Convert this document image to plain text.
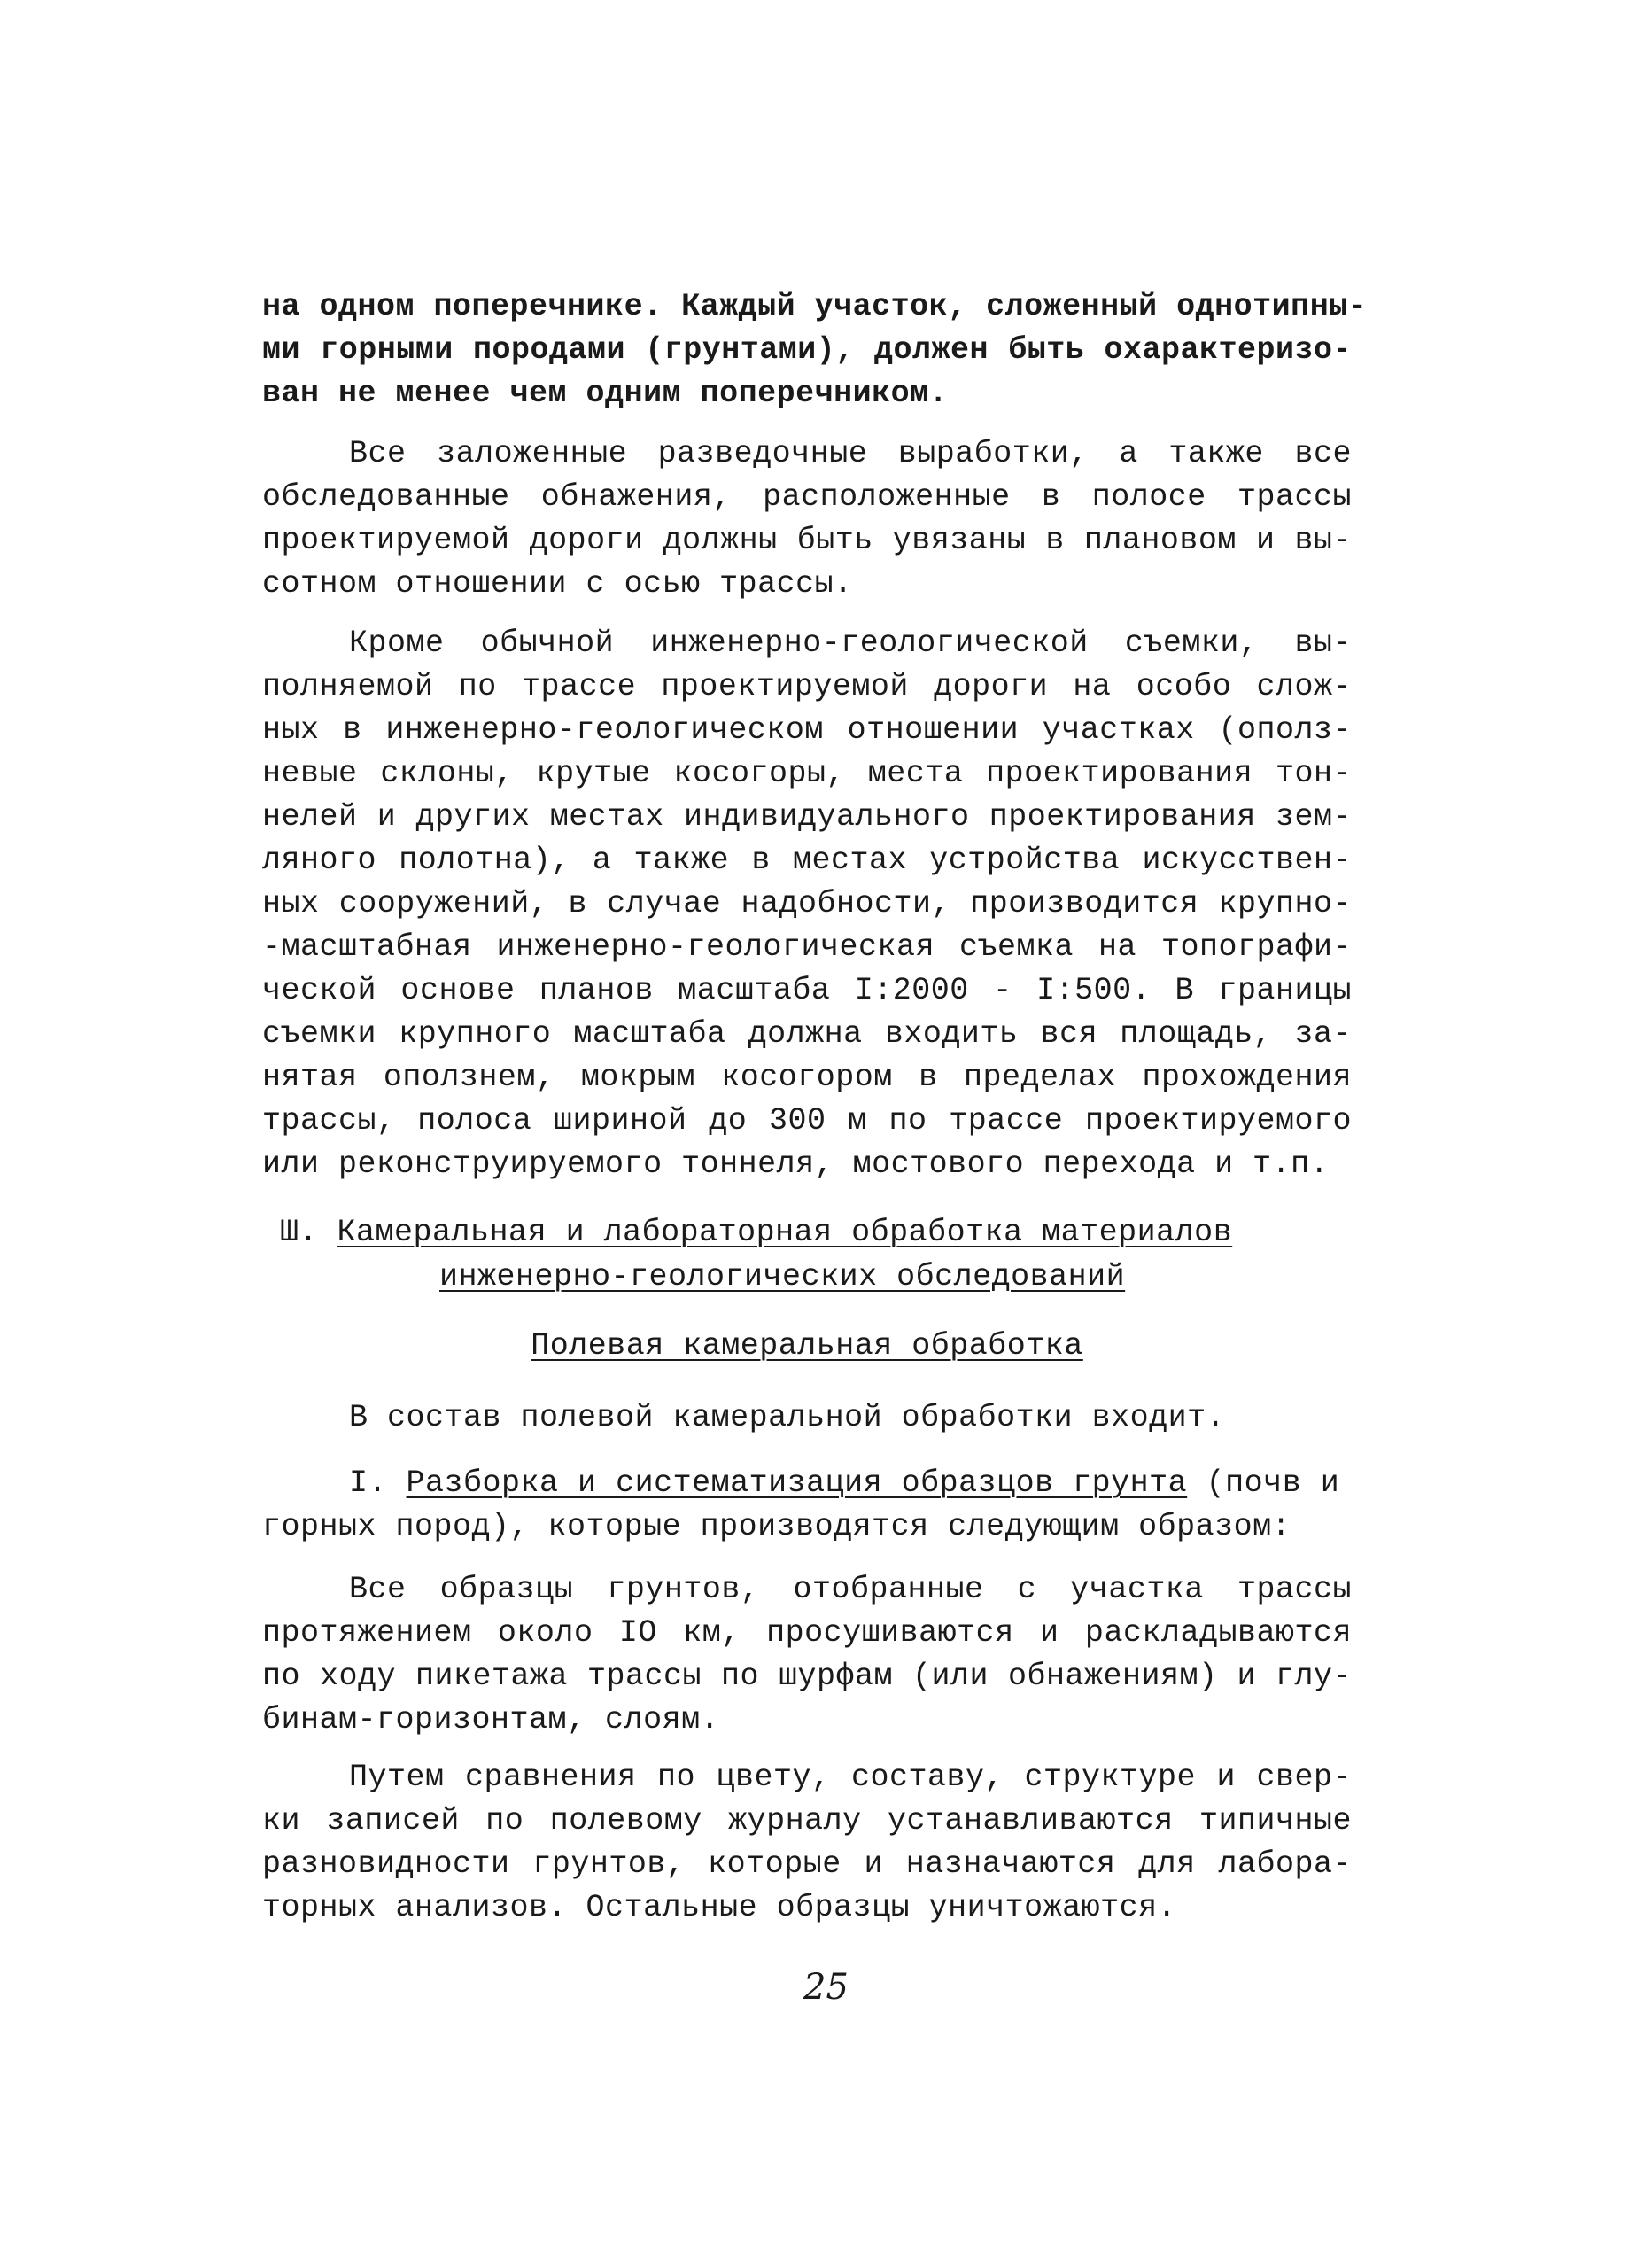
на одном поперечнике. Каждый участок, сложенный однотипны-
ми горными породами (грунтами), должен быть охарактеризо-
ван не менее чем одним поперечником.
Все заложенные разведочные выработки, а также все
обследованные обнажения, расположенные в полосе трассы
проектируемой дороги должны быть увязаны в плановом и вы-
сотном отношении с осью трассы.
Кроме обычной инженерно-геологической съемки, вы-
полняемой по трассе проектируемой дороги на особо слож-
ных в инженерно-геологическом отношении участках (ополз-
невые склоны, крутые косогоры, места проектирования тон-
нелей и других местах индивидуального проектирования зем-
ляного полотна), а также в местах устройства искусствен-
ных сооружений, в случае надобности, производится крупно-
-масштабная инженерно-геологическая съемка на топографи-
ческой основе планов масштаба I:2000 - I:500. В границы
съемки крупного масштаба должна входить вся площадь, за-
нятая оползнем, мокрым косогором в пределах прохождения
трассы, полоса шириной до 300 м по трассе проектируемого
или реконструируемого тоннеля, мостового перехода и т.п.
Ш. Камеральная и лабораторная обработка материалов
инженерно-геологических обследований
Полевая камеральная обработка
В состав полевой камеральной обработки входит.
I. Разборка и систематизация образцов грунта (почв и
горных пород), которые производятся следующим образом:
Все образцы грунтов, отобранные с участка трассы
протяжением около IO км, просушиваются и раскладываются
по ходу пикетажа трассы по шурфам (или обнажениям) и глу-
бинам-горизонтам, слоям.
Путем сравнения по цвету, составу, структуре и свер-
ки записей по полевому журналу устанавливаются типичные
разновидности грунтов, которые и назначаются для лабора-
торных анализов. Остальные образцы уничтожаются.
25
